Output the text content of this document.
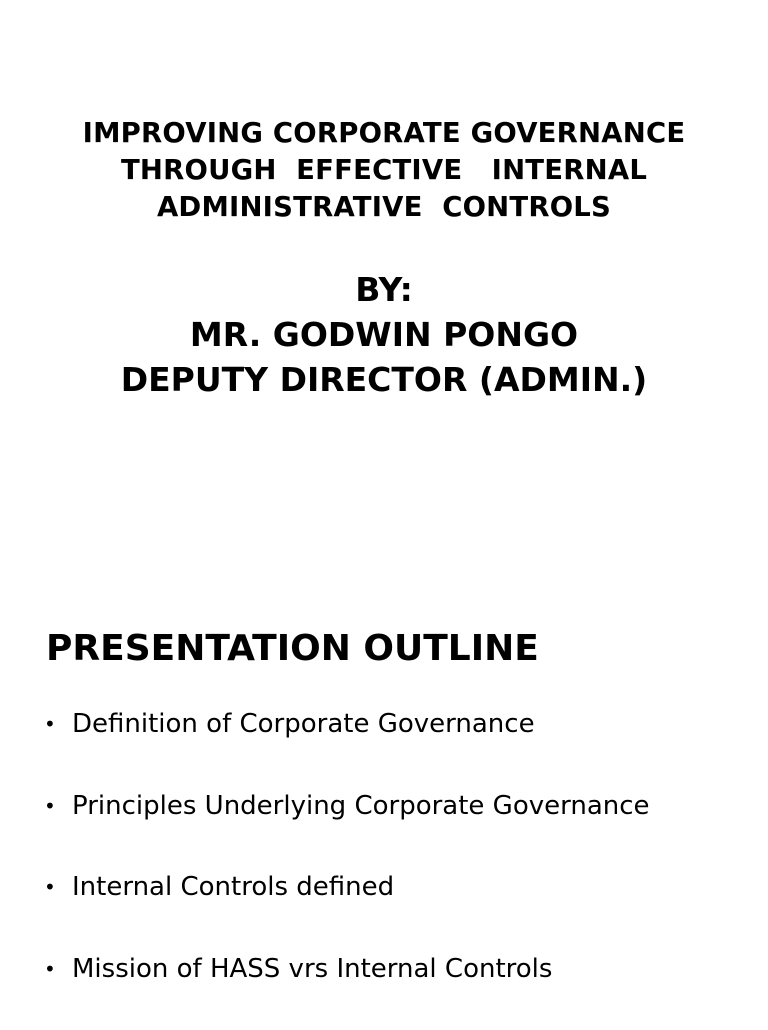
IMPROVING CORPORATE GOVERNANCE
THROUGH  EFFECTIVE   INTERNAL
ADMINISTRATIVE  CONTROLS
BY:
MR. GODWIN PONGO
DEPUTY DIRECTOR (ADMIN.)
PRESENTATION OUTLINE
• Definition of Corporate Governance
• Principles Underlying Corporate Governance
• Internal Controls defined
• Mission of HASS vrs Internal Controls
